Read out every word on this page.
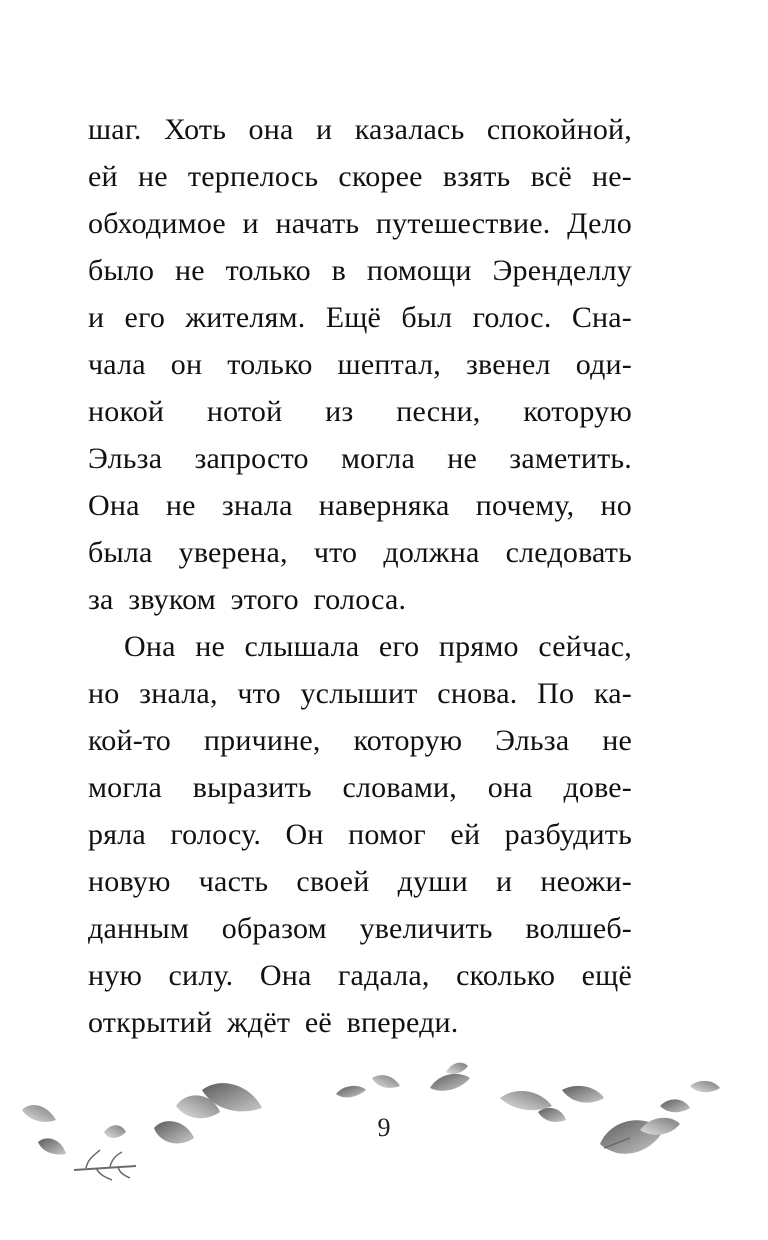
шаг. Хоть она и казалась спокойной,
ей не терпелось скорее взять всё не-
обходимое и начать путешествие. Дело
было не только в помощи Эренделлу
и его жителям. Ещё был голос. Сна-
чала он только шептал, звенел оди-
нокой нотой из песни, которую
Эльза запросто могла не заметить.
Она не знала наверняка почему, но
была уверена, что должна следовать
за звуком этого голоса.
Она не слышала его прямо сейчас,
но знала, что услышит снова. По ка-
кой-то причине, которую Эльза не
могла выразить словами, она дове-
ряла голосу. Он помог ей разбудить
новую часть своей души и неожи-
данным образом увеличить волшеб-
ную силу. Она гадала, сколько ещё
открытий ждёт её впереди.
9
